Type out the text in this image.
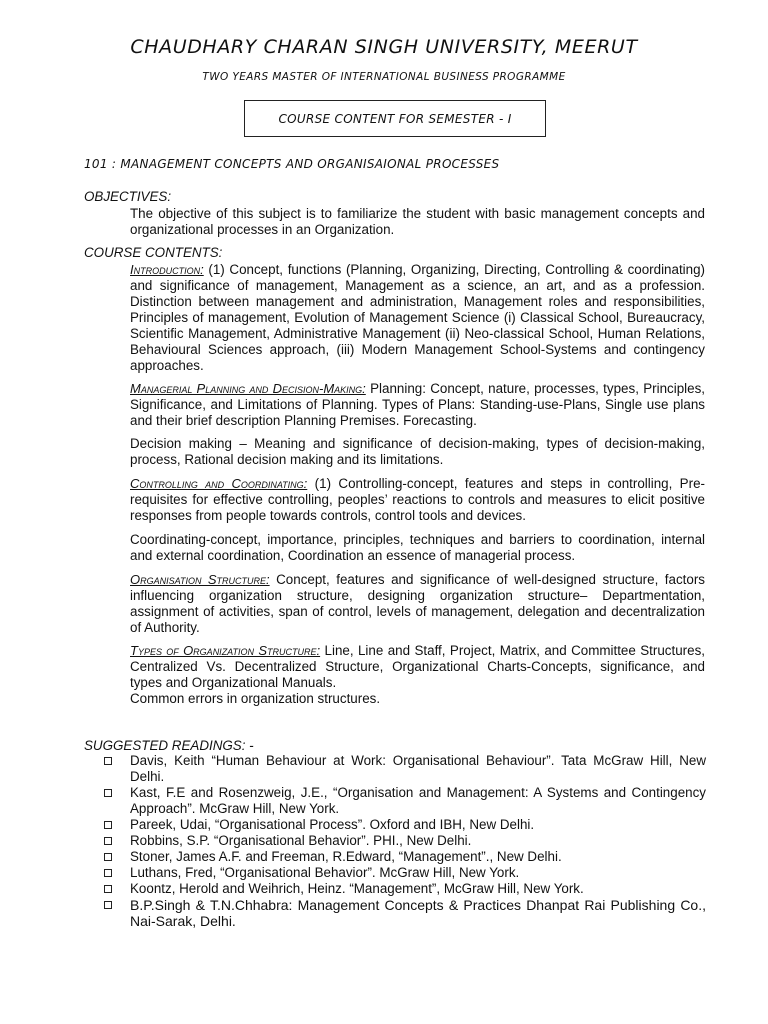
CHAUDHARY CHARAN SINGH UNIVERSITY, MEERUT
TWO YEARS MASTER OF INTERNATIONAL BUSINESS PROGRAMME
COURSE CONTENT FOR SEMESTER - I
101 : MANAGEMENT CONCEPTS AND ORGANISAIONAL PROCESSES
OBJECTIVES:

The objective of this subject is to familiarize the student with basic management concepts and organizational processes in an Organization.

COURSE CONTENTS:

Introduction: (1) Concept, functions (Planning, Organizing, Directing, Controlling & coordinating) and significance of management, Management as a science, an art, and as a profession. Distinction between management and administration, Management roles and responsibilities, Principles of management, Evolution of Management Science (i) Classical School, Bureaucracy, Scientific Management, Administrative Management (ii) Neo-classical School, Human Relations, Behavioural Sciences approach, (iii) Modern Management School-Systems and contingency approaches.

Managerial Planning and Decision-Making: Planning: Concept, nature, processes, types, Principles, Significance, and Limitations of Planning. Types of Plans: Standing-use-Plans, Single use plans and their brief description Planning Premises. Forecasting.

Decision making – Meaning and significance of decision-making, types of decision-making, process, Rational decision making and its limitations.

Controlling and Coordinating: (1) Controlling-concept, features and steps in controlling, Pre-requisites for effective controlling, peoples’ reactions to controls and measures to elicit positive responses from people towards controls, control tools and devices.

Coordinating-concept, importance, principles, techniques and barriers to coordination, internal and external coordination, Coordination an essence of managerial process.

Organisation Structure: Concept, features and significance of well-designed structure, factors influencing organization structure, designing organization structure– Departmentation, assignment of activities, span of control, levels of management, delegation and decentralization of Authority.

Types of Organization Structure: Line, Line and Staff, Project, Matrix, and Committee Structures, Centralized Vs. Decentralized Structure, Organizational Charts-Concepts, significance, and types and Organizational Manuals.
Common errors in organization structures.

SUGGESTED READINGS: -
Davis, Keith “Human Behaviour at Work: Organisational Behaviour”. Tata McGraw Hill, New Delhi.
Kast, F.E and Rosenzweig, J.E., “Organisation and Management: A Systems and Contingency Approach”. McGraw Hill, New York.
Pareek, Udai, “Organisational Process”. Oxford and IBH, New Delhi.
Robbins, S.P. “Organisational Behavior”. PHI., New Delhi.
Stoner, James A.F. and Freeman, R.Edward, “Management”., New Delhi.
Luthans, Fred, “Organisational Behavior”. McGraw Hill, New York.
Koontz, Herold and Weihrich, Heinz. “Management”, McGraw Hill, New York.
B.P.Singh & T.N.Chhabra: Management Concepts & Practices Dhanpat Rai Publishing Co., Nai-Sarak, Delhi.
